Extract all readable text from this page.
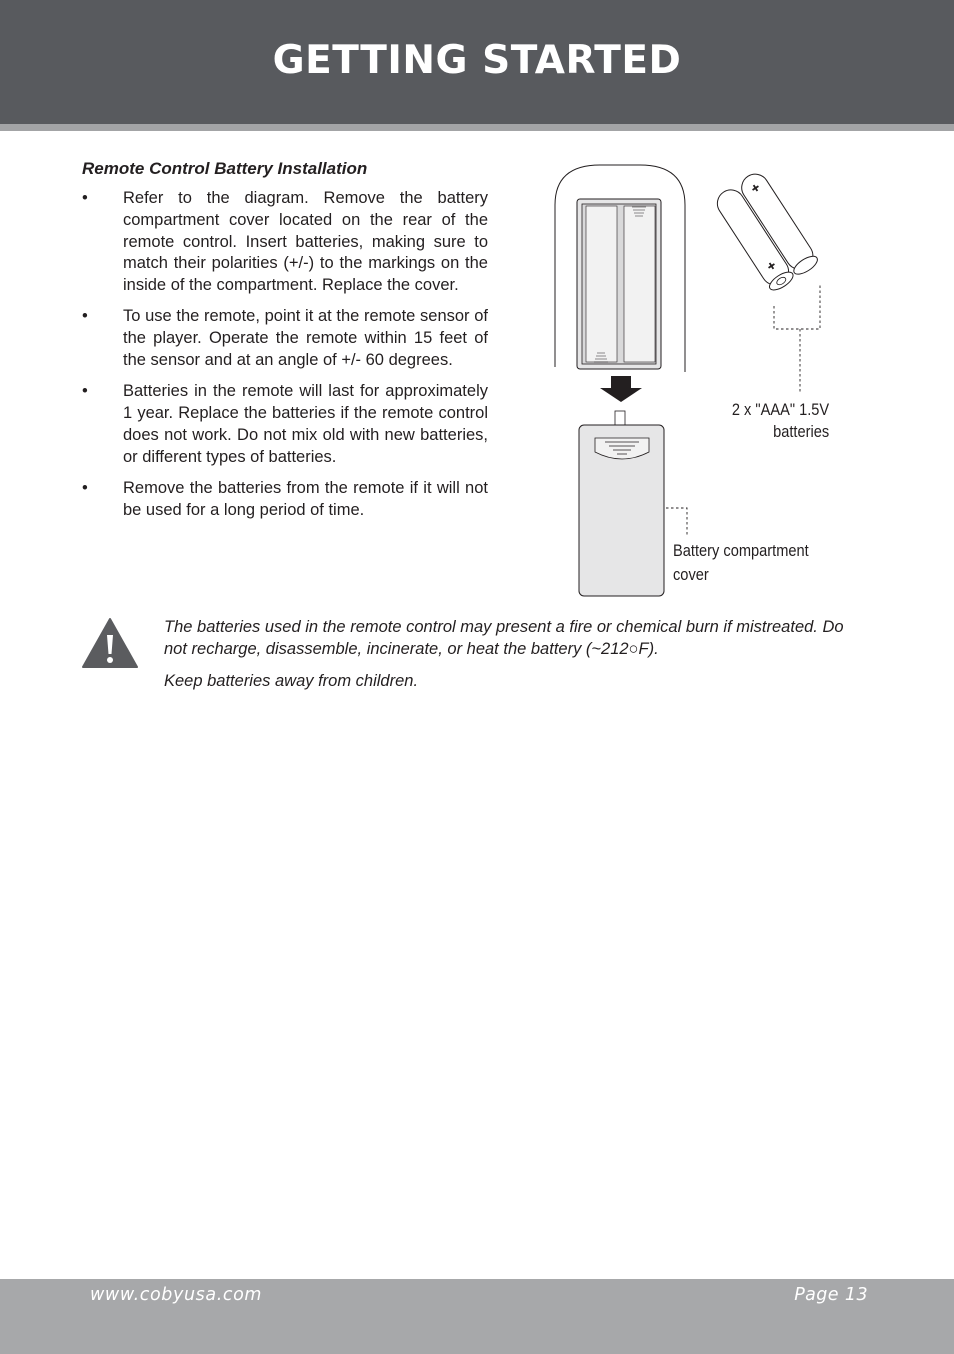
GETTING STARTED
Remote Control Battery Installation
• Refer to the diagram. Remove the battery compartment cover located on the rear of the remote control. Insert batteries, making sure to match their polarities (+/-) to the markings on the inside of the compartment. Replace the cover.
• To use the remote, point it at the remote sensor of the player. Operate the remote within 15 feet of the sensor and at an angle of +/- 60 degrees.
• Batteries in the remote will last for approximately 1 year. Replace the batteries if the remote control does not work. Do not mix old with new batteries, or different types of batteries.
• Remove the batteries from the remote if it will not be used for a long period of time.
2 x "AAA" 1.5V
batteries
Battery compartment
cover

The batteries used in the remote control may present a fire or chemical burn if mistreated. Do not recharge, disassemble, incinerate, or heat the battery (~212○F).

Keep batteries away from children.

www.cobyusa.com	Page 13
